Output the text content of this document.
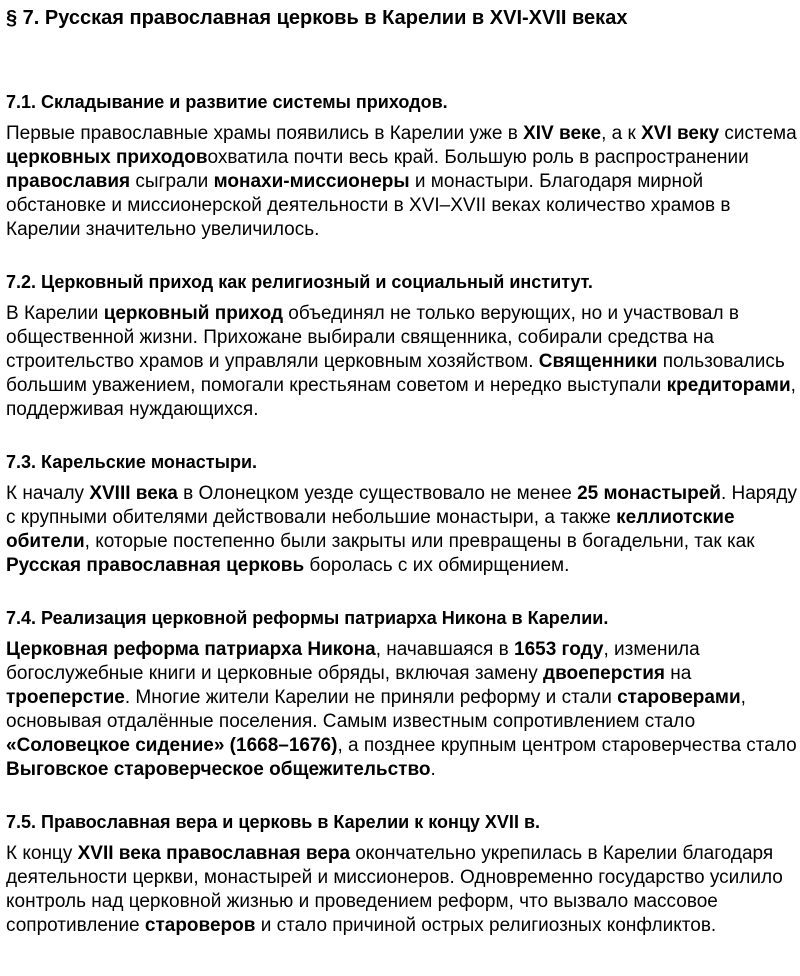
§ 7. Русская православная церковь в Карелии в XVI-XVII веках
7.1. Складывание и развитие системы приходов.

Первые православные храмы появились в Карелии уже в XIV веке, а к XVI веку система церковных приходовохватила почти весь край. Большую роль в распространении православия сыграли монахи-миссионеры и монастыри. Благодаря мирной обстановке и миссионерской деятельности в XVI–XVII веках количество храмов в Карелии значительно увеличилось.

7.2. Церковный приход как религиозный и социальный институт.

В Карелии церковный приход объединял не только верующих, но и участвовал в общественной жизни. Прихожане выбирали священника, собирали средства на строительство храмов и управляли церковным хозяйством. Священники пользовались большим уважением, помогали крестьянам советом и нередко выступали кредиторами, поддерживая нуждающихся.

7.3. Карельские монастыри.

К началу XVIII века в Олонецком уезде существовало не менее 25 монастырей. Наряду с крупными обителями действовали небольшие монастыри, а также келлиотские обители, которые постепенно были закрыты или превращены в богадельни, так как Русская православная церковь боролась с их обмирщением.

7.4. Реализация церковной реформы патриарха Никона в Карелии.

Церковная реформа патриарха Никона, начавшаяся в 1653 году, изменила богослужебные книги и церковные обряды, включая замену двоеперстия на троеперстие. Многие жители Карелии не приняли реформу и стали староверами, основывая отдалённые поселения. Самым известным сопротивлением стало «Соловецкое сидение» (1668–1676), а позднее крупным центром староверчества стало Выговское староверческое общежительство.

7.5. Православная вера и церковь в Карелии к концу XVII в.

К концу XVII века православная вера окончательно укрепилась в Карелии благодаря деятельности церкви, монастырей и миссионеров. Одновременно государство усилило контроль над церковной жизнью и проведением реформ, что вызвало массовое сопротивление староверов и стало причиной острых религиозных конфликтов.
